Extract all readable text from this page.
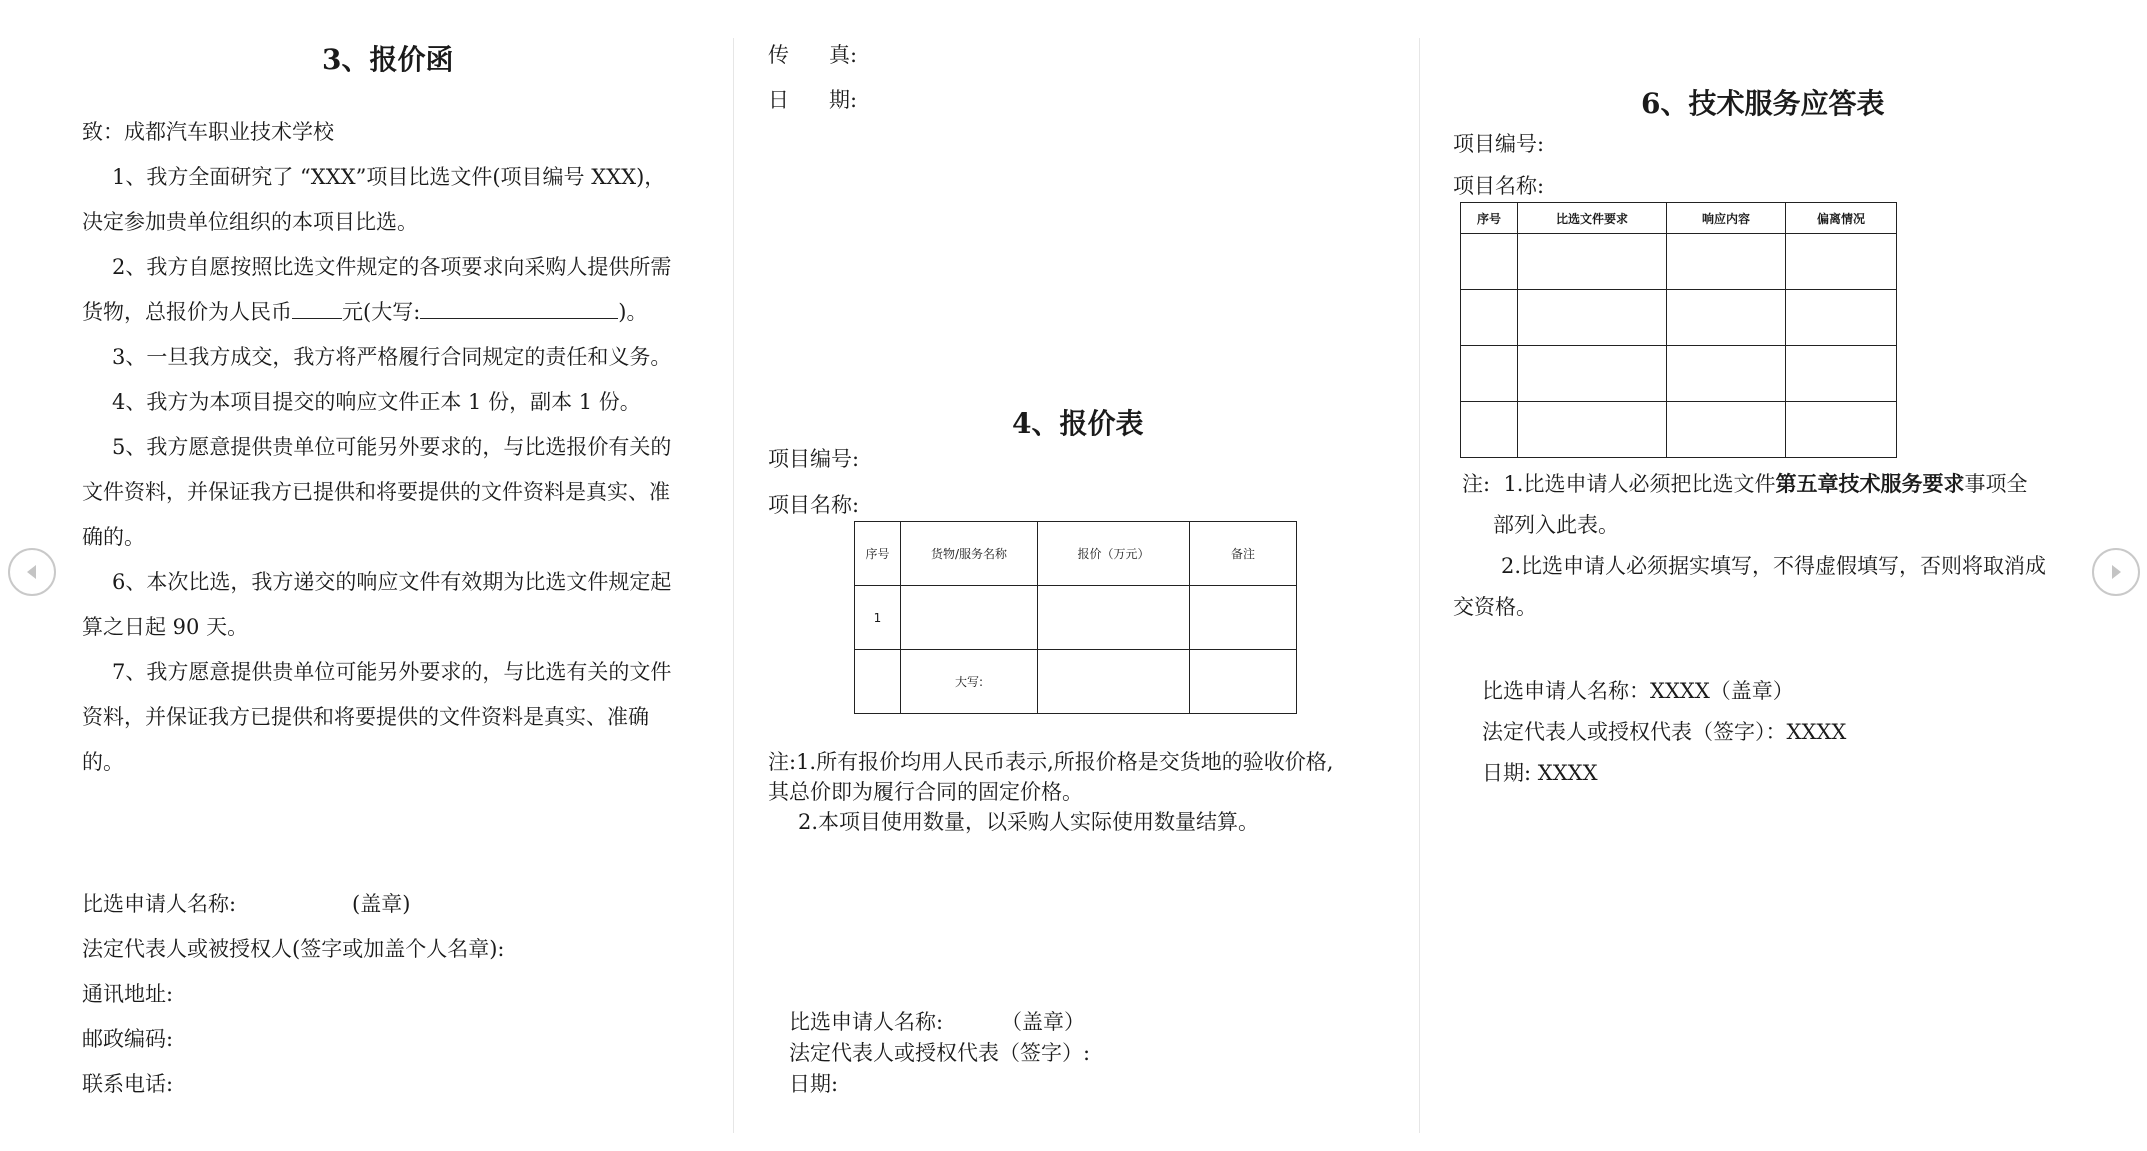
3、报价函
致：成都汽车职业技术学校
1、我方全面研究了 “XXX”项目比选文件(项目编号 XXX)，
决定参加贵单位组织的本项目比选。
2、我方自愿按照比选文件规定的各项要求向采购人提供所需
货物，总报价为人民币 元(大写:	)。
3、一旦我方成交，我方将严格履行合同规定的责任和义务。
4、我方为本项目提交的响应文件正本 1 份，副本 1 份。
5、我方愿意提供贵单位可能另外要求的，与比选报价有关的
文件资料，并保证我方已提供和将要提供的文件资料是真实、准
确的。
6、本次比选，我方递交的响应文件有效期为比选文件规定起
算之日起 90 天。
7、我方愿意提供贵单位可能另外要求的，与比选有关的文件
资料，并保证我方已提供和将要提供的文件资料是真实、准确
的。
比选申请人名称:	(盖章)
法定代表人或被授权人(签字或加盖个人名章):
通讯地址:
邮政编码:
联系电话:
传      真:
日      期:
4、报价表
项目编号:
项目名称:
序号	货物/服务名称	报价（万元）	备注
1			
	大写:		
注:1.所有报价均用人民币表示,所报价格是交货地的验收价格,
其总价即为履行合同的固定价格。
2.本项目使用数量，以采购人实际使用数量结算。
比选申请人名称:	（盖章）
法定代表人或授权代表（签字）:
日期:
6、技术服务应答表
项目编号:
项目名称:
序号	比选文件要求	响应内容	偏离情况

注: 1.比选申请人必须把比选文件第五章技术服务要求事项全
部列入此表。
2.比选申请人必须据实填写，不得虚假填写，否则将取消成
交资格。
比选申请人名称：XXXX（盖章）
法定代表人或授权代表（签字）：XXXX
日期: XXXX
